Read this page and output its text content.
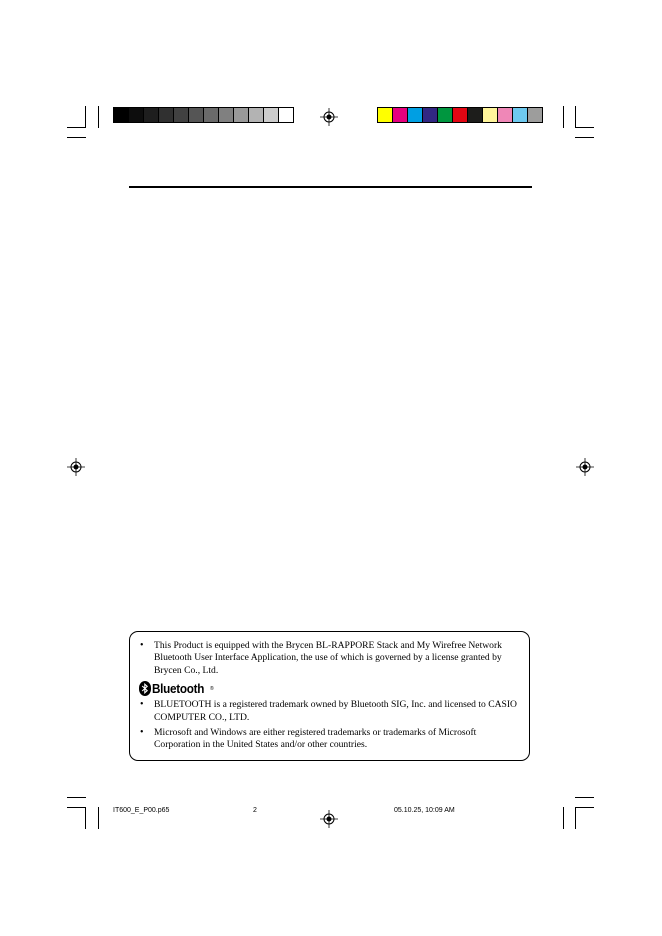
• This Product is equipped with the Brycen BL-RAPPORE Stack and My Wirefree Network Bluetooth User Interface Application, the use of which is governed by a license granted by Brycen Co., Ltd.
Bluetooth ®
• BLUETOOTH is a registered trademark owned by Bluetooth SIG, Inc. and licensed to CASIO COMPUTER CO., LTD.
• Microsoft and Windows are either registered trademarks or trademarks of Microsoft Corporation in the United States and/or other countries.
IT600_E_P00.p65	2	05.10.25, 10:09 AM
